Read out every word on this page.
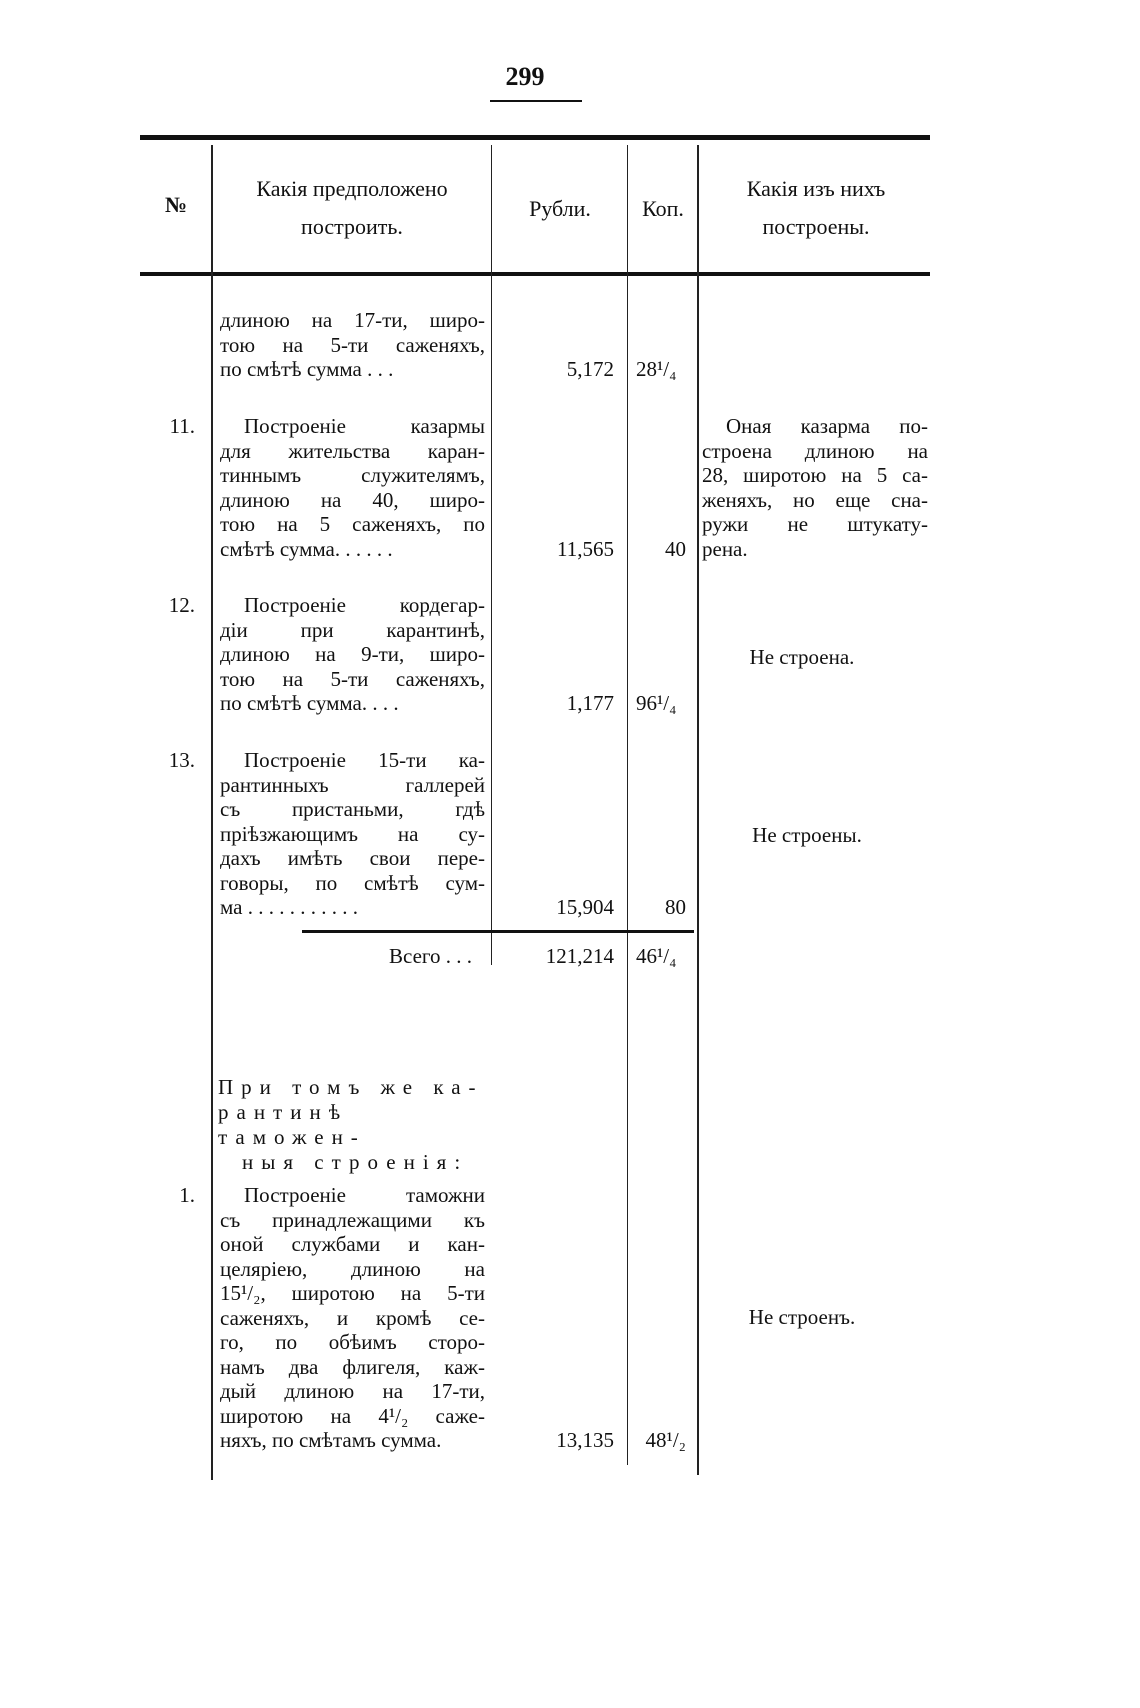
299
№
Какія предположено
построить.
Рубли.	Коп.
Какія изъ нихъ
построены.
длиною на 17-ти, широ-
тою на 5-ти саженяхъ,
по смѣтѣ сумма . . .	5,172 28¹/₄
11.	Построеніе казармы
для жительства каран-
тиннымъ служителямъ,
длиною на 40, широ-
тою на 5 саженяхъ, по
смѣтѣ сумма. . . . . .	11,565	40
Оная казарма по-
строена длиною на
28, широтою на 5 са-
женяхъ, но еще сна-
ружи не штукату-
рена.
12.	Построеніе кордегар-
діи при карантинѣ,
длиною на 9-ти, широ-
тою на 5-ти саженяхъ,
по смѣтѣ сумма. . . .	1,177 96¹/₄
Не строена.
13.	Построеніе 15-ти ка-
рантинныхъ галлерей
съ пристаньми, гдѣ
пріѣзжающимъ на су-
дахъ имѣть свои пере-
говоры, по смѣтѣ сум-
ма . . . . . . . . . . .	15,904	80
Не строены.
Всего . . .	121,214 46¹/₄
При томъ же ка-
рантинѣ таможен-
ныя строенія:
1.	Построеніе таможни
съ принадлежащими къ
оной службами и кан-
целяріею, длиною на
15¹/₂, широтою на 5-ти
саженяхъ, и кромѣ се-
го, по обѣимъ сторо-
намъ два флигеля, каж-
дый длиною на 17-ти,
широтою на 4¹/₂ саже-
няхъ, по смѣтамъ сумма.	13,135	48¹/₂
Не строенъ.
